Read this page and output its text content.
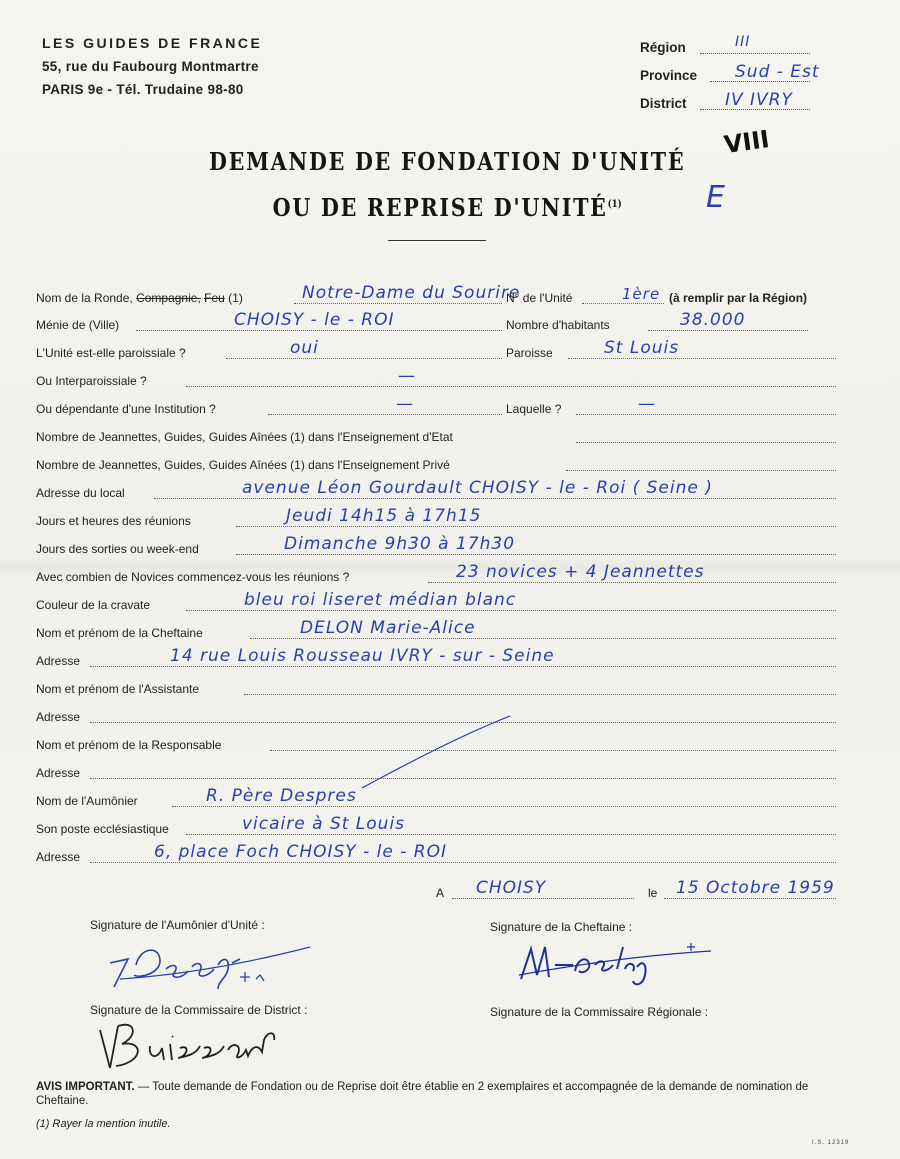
LES GUIDES DE FRANCE
55, rue du Faubourg Montmartre
PARIS 9e - Tél. Trudaine 98-80
Région	III
Province Sud - Est
District IV IVRY
VIII
E
DEMANDE DE FONDATION D'UNITÉ
OU DE REPRISE D'UNITÉ$^{(1)}$
Nom de la Ronde, Compagnie, Feu (1)	Notre-Dame du Sourire
N° de l'Unité	1ère (à remplir par la Région)
Ménie de (Ville)	CHOISY - le - ROI	Nombre d'habitants	38.000
L'Unité est-elle paroissiale ?	oui	Paroisse	St Louis
Ou Interparoissiale ?	—
Ou dépendante d'une Institution ?	—	Laquelle ?	—
Nombre de Jeannettes, Guides, Guides Aînées (1) dans l'Enseignement d'Etat
Nombre de Jeannettes, Guides, Guides Aînées (1) dans l'Enseignement Privé
Adresse du local	avenue Léon Gourdault CHOISY - le - Roi ( Seine )
Jours et heures des réunions	Jeudi 14h15 à 17h15
Jours des sorties ou week-end	Dimanche 9h30 à 17h30
Avec combien de Novices commencez-vous les réunions ?	23 novices + 4 Jeannettes
Couleur de la cravate	bleu roi liseret médian blanc
Nom et prénom de la Cheftaine	DELON Marie-Alice
Adresse	14 rue Louis Rousseau IVRY - sur - Seine
Nom et prénom de l'Assistante
Adresse
Nom et prénom de la Responsable
Adresse
Nom de l'Aumônier	R. Père Despres
Son poste ecclésiastique	vicaire à St Louis
Adresse	6, place Foch CHOISY - le - ROI
A CHOISY	le 15 Octobre 1959
Signature de l'Aumônier d'Unité :	Signature de la Cheftaine :
Signature de la Commissaire de District :	Signature de la Commissaire Régionale :
AVIS IMPORTANT. — Toute demande de Fondation ou de Reprise doit être établie en 2 exemplaires et accompagnée de la demande de nomination de Cheftaine.
(1) Rayer la mention inutile.
I.S. 12319
